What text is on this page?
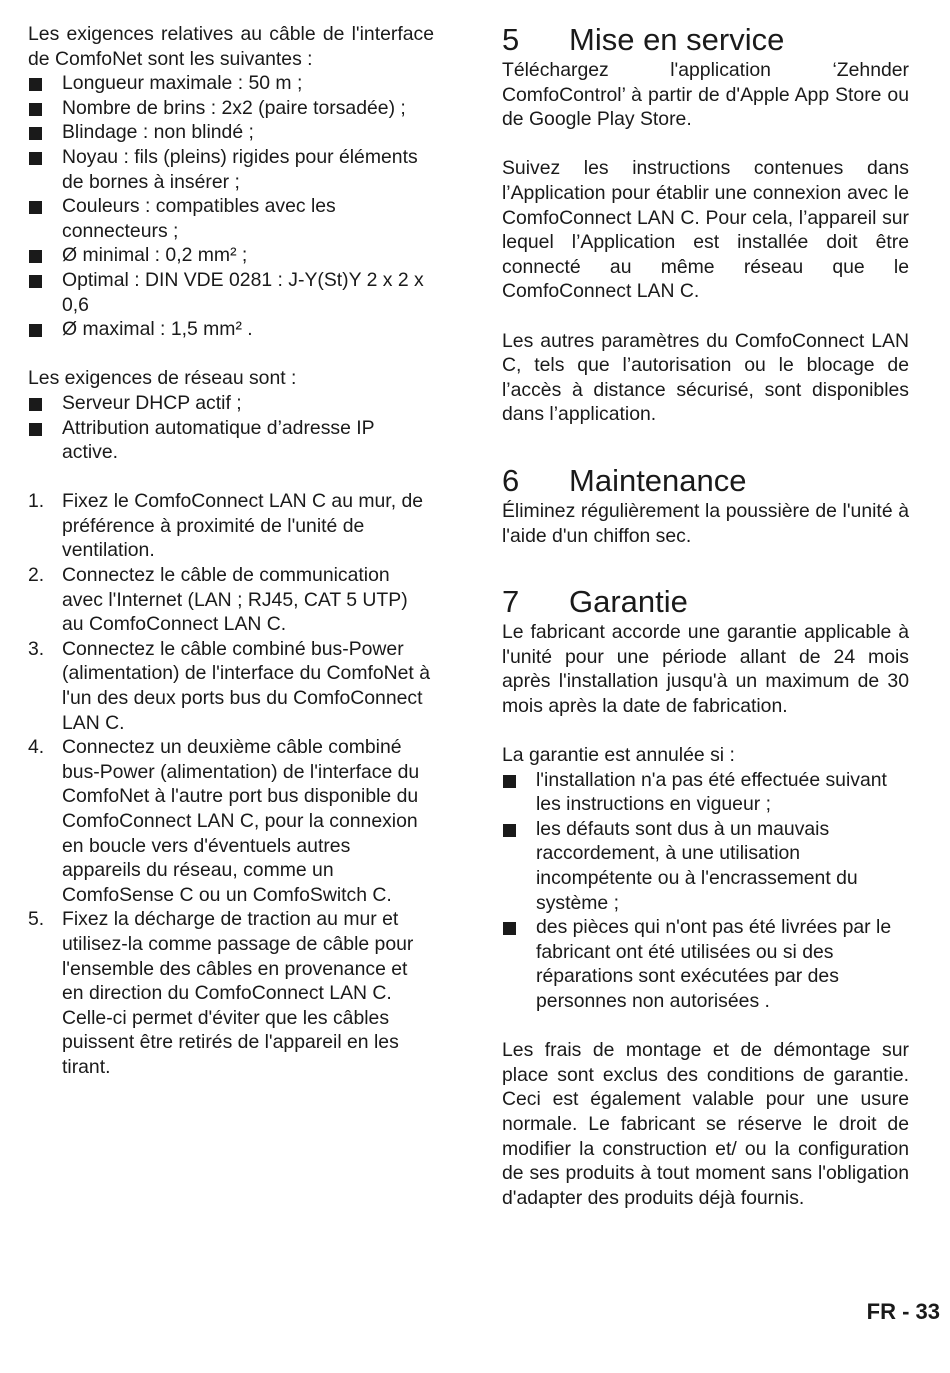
Les exigences relatives au câble de l'interface de ComfoNet sont les suivantes :

Longueur maximale : 50 m ;
Nombre de brins : 2x2 (paire torsadée) ;
Blindage : non blindé ;
Noyau : fils (pleins) rigides pour éléments de bornes à insérer ;
Couleurs : compatibles avec les connecteurs ;
Ø minimal : 0,2 mm² ;
Optimal : DIN VDE 0281 : J-Y(St)Y 2 x 2 x 0,6
Ø maximal : 1,5 mm² .

Les exigences de réseau sont :

Serveur DHCP actif ;
Attribution automatique d’adresse IP active.
1. Fixez le ComfoConnect LAN C au mur, de préférence à proximité de l'unité de ventilation.
2. Connectez le câble de communication avec l'Internet (LAN ; RJ45, CAT 5 UTP) au ComfoConnect LAN C.
3. Connectez le câble combiné bus-Power (alimentation) de l'interface du ComfoNet à l'un des deux ports bus du ComfoConnect LAN C.
4. Connectez un deuxième câble combiné bus-Power (alimentation) de l'interface du ComfoNet à l'autre port bus disponible du ComfoConnect LAN C, pour la connexion en boucle vers d'éventuels autres appareils du réseau, comme un ComfoSense C ou un ComfoSwitch C.
5. Fixez la décharge de traction au mur et utilisez-la comme passage de câble pour l'ensemble des câbles en provenance et en direction du ComfoConnect LAN C. Celle-ci permet d'éviter que les câbles puissent être retirés de l'appareil en les tirant.
5	Mise en service

Téléchargez l'application ‘Zehnder ComfoControl’ à partir de d'Apple App Store ou de Google Play Store.

Suivez les instructions contenues dans l’Application pour établir une connexion avec le ComfoConnect LAN C. Pour cela, l’appareil sur lequel l’Application est installée doit être connecté au même réseau que le ComfoConnect LAN C.

Les autres paramètres du ComfoConnect LAN C, tels que l’autorisation ou le blocage de l’accès à distance sécurisé, sont disponibles dans l’application.

6	Maintenance

Éliminez régulièrement la poussière de l'unité à l'aide d'un chiffon sec.

7	Garantie

Le fabricant accorde une garantie applicable à l'unité pour une période allant de 24 mois après l'installation jusqu'à un maximum de 30 mois après la date de fabrication.

La garantie est annulée si :

l'installation n'a pas été effectuée suivant les instructions en vigueur ;
les défauts sont dus à un mauvais raccordement, à une utilisation incompétente ou à l'encrassement du système ;
des pièces qui n'ont pas été livrées par le fabricant ont été utilisées ou si des réparations sont exécutées par des personnes non autorisées .

Les frais de montage et de démontage sur place sont exclus des conditions de garantie. Ceci est également valable pour une usure normale. Le fabricant se réserve le droit de modifier la construction et/ ou la configuration de ses produits à tout moment sans l'obligation d'adapter des produits déjà fournis.

FR - 33
